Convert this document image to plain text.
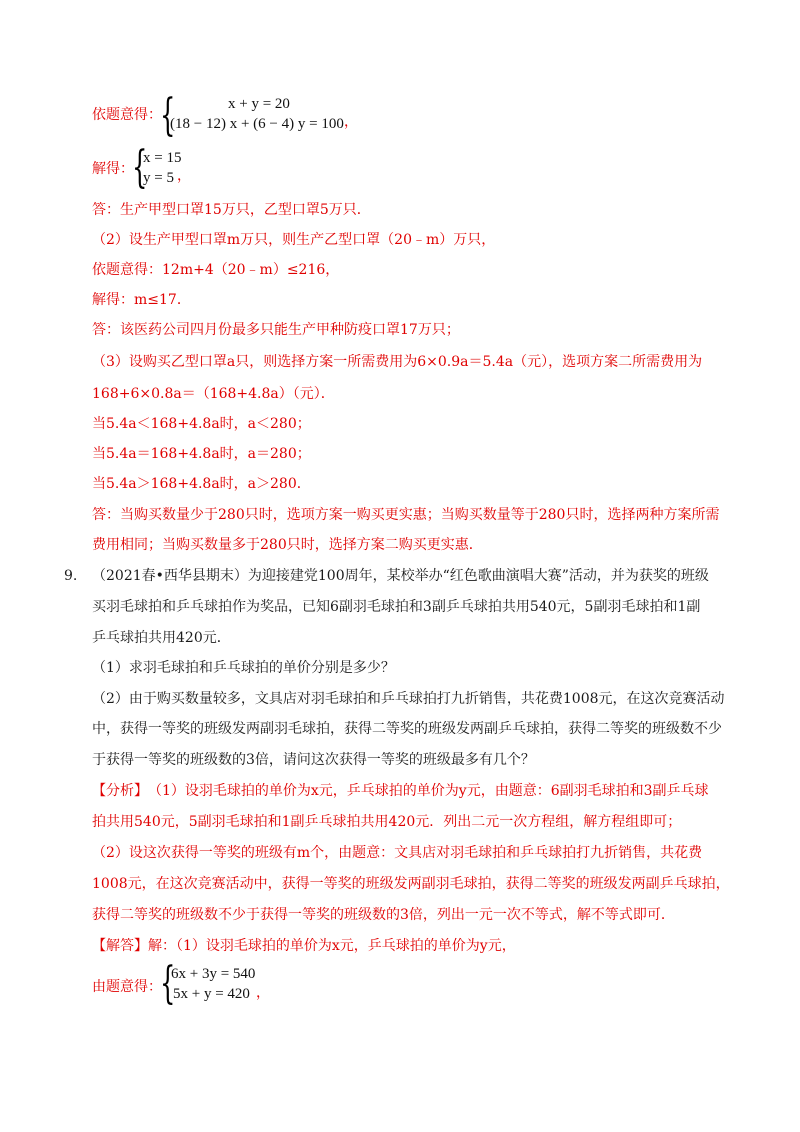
依题意得：
{	x + y = 20
(18 − 12) x + (6 − 4) y = 100 ，
解得：
{
x = 15
y = 5 ，
答：生产甲型口罩15万只，乙型口罩5万只．
（2）设生产甲型口罩m万只，则生产乙型口罩（20﹣m）万只，
依题意得：12m+4（20﹣m）≤216，
解得：m≤17．
答：该医药公司四月份最多只能生产甲种防疫口罩17万只；
（3）设购买乙型口罩a只，则选择方案一所需费用为6×0.9a＝5.4a（元），选项方案二所需费用为
168+6×0.8a＝（168+4.8a）（元）．
当5.4a＜168+4.8a时，a＜280；
当5.4a＝168+4.8a时，a＝280；
当5.4a＞168+4.8a时，a＞280．
答：当购买数量少于280只时，选项方案一购买更实惠；当购买数量等于280只时，选择两种方案所需
费用相同；当购买数量多于280只时，选择方案二购买更实惠．
9. （2021春•西华县期末）为迎接建党100周年，某校举办“红色歌曲演唱大赛”活动，并为获奖的班级
买羽毛球拍和乒乓球拍作为奖品，已知6副羽毛球拍和3副乒乓球拍共用540元，5副羽毛球拍和1副
乒乓球拍共用420元．
（1）求羽毛球拍和乒乓球拍的单价分别是多少？
（2）由于购买数量较多，文具店对羽毛球拍和乒乓球拍打九折销售，共花费1008元，在这次竞赛活动
中，获得一等奖的班级发两副羽毛球拍，获得二等奖的班级发两副乒乓球拍，获得二等奖的班级数不少
于获得一等奖的班级数的3倍，请问这次获得一等奖的班级最多有几个？
【分析】 （1）设羽毛球拍的单价为x元，乒乓球拍的单价为y元，由题意：6副羽毛球拍和3副乒乓球
拍共用540元，5副羽毛球拍和1副乒乓球拍共用420元．列出二元一次方程组，解方程组即可；
（2）设这次获得一等奖的班级有m个，由题意：文具店对羽毛球拍和乒乓球拍打九折销售，共花费
1008元，在这次竞赛活动中，获得一等奖的班级发两副羽毛球拍，获得二等奖的班级发两副乒乓球拍，
获得二等奖的班级数不少于获得一等奖的班级数的3倍，列出一元一次不等式，解不等式即可．
【解答】 解：（1）设羽毛球拍的单价为x元，乒乓球拍的单价为y元，
由题意得：
{
6x + 3y = 540
5x + y = 420 ，
